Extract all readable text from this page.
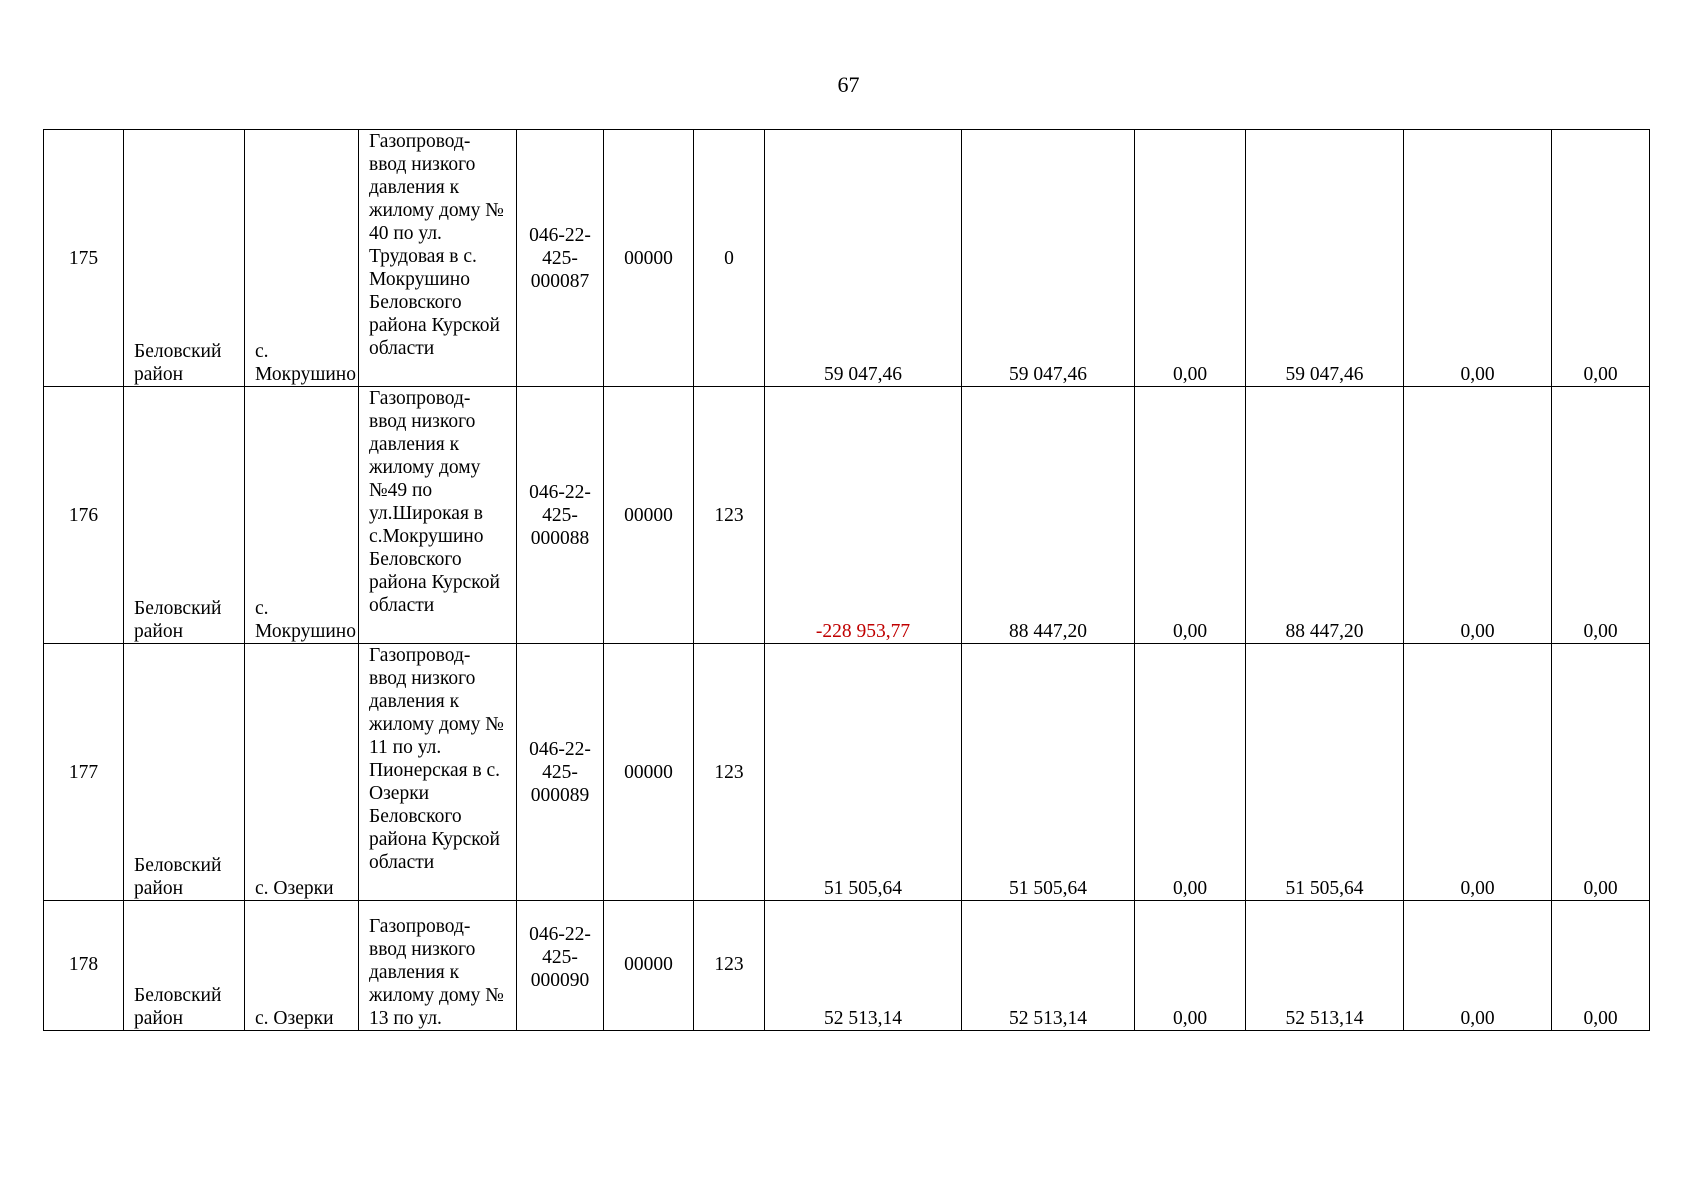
67
175	Беловский район	с. Мокрушино	Газопровод-ввод низкого давления к жилому дому № 40 по ул. Трудовая в с. Мокрушино Беловского района Курской области	046-22-425-000087	00000	0	59 047,46	59 047,46	0,00	59 047,46	0,00	0,00
176	Беловский район	с. Мокрушино	Газопровод-ввод низкого давления к жилому дому №49 по ул.Широкая в с.Мокрушино Беловского района Курской области	046-22-425-000088	00000	123	-228 953,77	88 447,20	0,00	88 447,20	0,00	0,00
177	Беловский район	с. Озерки	Газопровод-ввод низкого давления к жилому дому № 11 по ул. Пионерская в с. Озерки Беловского района Курской области	046-22-425-000089	00000	123	51 505,64	51 505,64	0,00	51 505,64	0,00	0,00
178	Беловский район	с. Озерки	Газопровод-ввод низкого давления к жилому дому № 13 по ул.	046-22-425-000090	00000	123	52 513,14	52 513,14	0,00	52 513,14	0,00	0,00
